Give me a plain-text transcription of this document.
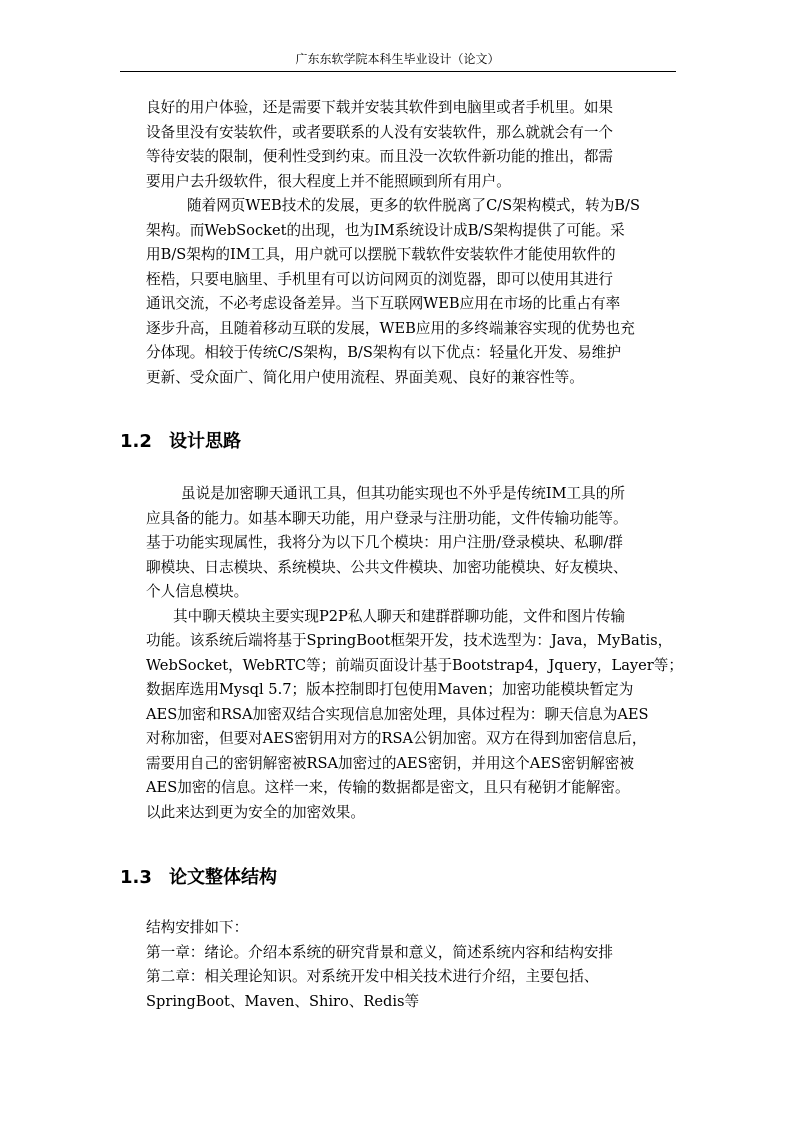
广东东软学院本科生毕业设计（论文）

良好的用户体验，还是需要下载并安装其软件到电脑里或者手机里。如果
设备里没有安装软件，或者要联系的人没有安装软件，那么就就会有一个
等待安装的限制，便利性受到约束。而且没一次软件新功能的推出，都需
要用户去升级软件，很大程度上并不能照顾到所有用户。

随着网页WEB技术的发展，更多的软件脱离了C/S架构模式，转为B/S
架构。而WebSocket的出现，也为IM系统设计成B/S架构提供了可能。采
用B/S架构的IM工具，用户就可以摆脱下载软件安装软件才能使用软件的
桎梏，只要电脑里、手机里有可以访问网页的浏览器，即可以使用其进行
通讯交流，不必考虑设备差异。当下互联网WEB应用在市场的比重占有率
逐步升高，且随着移动互联的发展，WEB应用的多终端兼容实现的优势也充
分体现。相较于传统C/S架构，B/S架构有以下优点：轻量化开发、易维护
更新、受众面广、简化用户使用流程、界面美观、良好的兼容性等。

1.2 设计思路

虽说是加密聊天通讯工具，但其功能实现也不外乎是传统IM工具的所
应具备的能力。如基本聊天功能，用户登录与注册功能，文件传输功能等。
基于功能实现属性，我将分为以下几个模块：用户注册/登录模块、私聊/群
聊模块、日志模块、系统模块、公共文件模块、加密功能模块、好友模块、
个人信息模块。

其中聊天模块主要实现P2P私人聊天和建群群聊功能，文件和图片传输
功能。该系统后端将基于SpringBoot框架开发，技术选型为：Java，MyBatis，
WebSocket，WebRTC等；前端页面设计基于Bootstrap4，Jquery，Layer等；
数据库选用Mysql 5.7；版本控制即打包使用Maven；加密功能模块暂定为
AES加密和RSA加密双结合实现信息加密处理，具体过程为：聊天信息为AES
对称加密，但要对AES密钥用对方的RSA公钥加密。双方在得到加密信息后，
需要用自己的密钥解密被RSA加密过的AES密钥，并用这个AES密钥解密被
AES加密的信息。这样一来，传输的数据都是密文，且只有秘钥才能解密。
以此来达到更为安全的加密效果。

1.3 论文整体结构

结构安排如下：
第一章：绪论。介绍本系统的研究背景和意义，简述系统内容和结构安排
第二章：相关理论知识。对系统开发中相关技术进行介绍，主要包括、
SpringBoot、Maven、Shiro、Redis等
